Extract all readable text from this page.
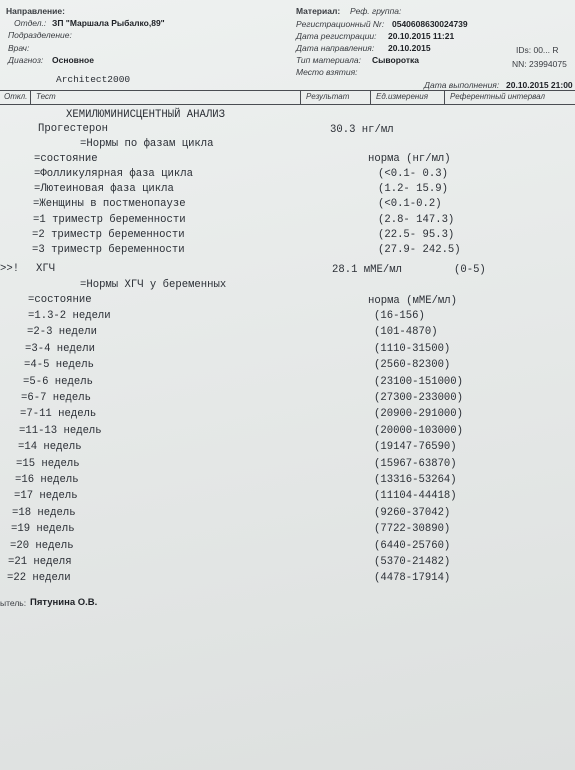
Направление:
Отдел.: ЗП "Маршала Рыбалко,89"
Подразделение:
Врач:
Диагноз: Основное
Architect2000
Материал: Реф. группа:
Регистрационный Nr: 0540608630024739
Дата регистрации: 20.10.2015 11:21
Дата направления: 20.10.2015
Тип материала: Сыворотка
Место взятия:
IDs: 00... R
NN: 23994075
Дата выполнения: 20.10.2015 21:00
Откл. Тест	Результат	Ед.измерения	Референтный интервал
ХЕМИЛЮМИНИСЦЕНТНЫЙ АНАЛИЗ
Прогестерон	30.3 нг/мл
=Нормы по фазам цикла
=состояние	норма (нг/мл)
=Фолликулярная фаза цикла	(<0.1- 0.3)
=Лютеиновая фаза цикла	(1.2- 15.9)
=Женщины в постменопаузе	(<0.1-0.2)
=1 триместр беременности	(2.8- 147.3)
=2 триместр беременности	(22.5- 95.3)
=3 триместр беременности	(27.9- 242.5)
>>! ХГЧ	28.1 мМЕ/мл	(0-5)
=Нормы ХГЧ у беременных
=состояние	норма (мМЕ/мл)
=1.3-2 недели	(16-156)
=2-3 недели	(101-4870)
=3-4 недели	(1110-31500)
=4-5 недель	(2560-82300)
=5-6 недель	(23100-151000)
=6-7 недель	(27300-233000)
=7-11 недель	(20900-291000)
=11-13 недель	(20000-103000)
=14 недель	(19147-76590)
=15 недель	(15967-63870)
=16 недель	(13316-53264)
=17 недель	(11104-44418)
=18 недель	(9260-37042)
=19 недель	(7722-30890)
=20 недель	(6440-25760)
=21 неделя	(5370-21482)
=22 недели	(4478-17914)
ытель: Пятунина О.В.
